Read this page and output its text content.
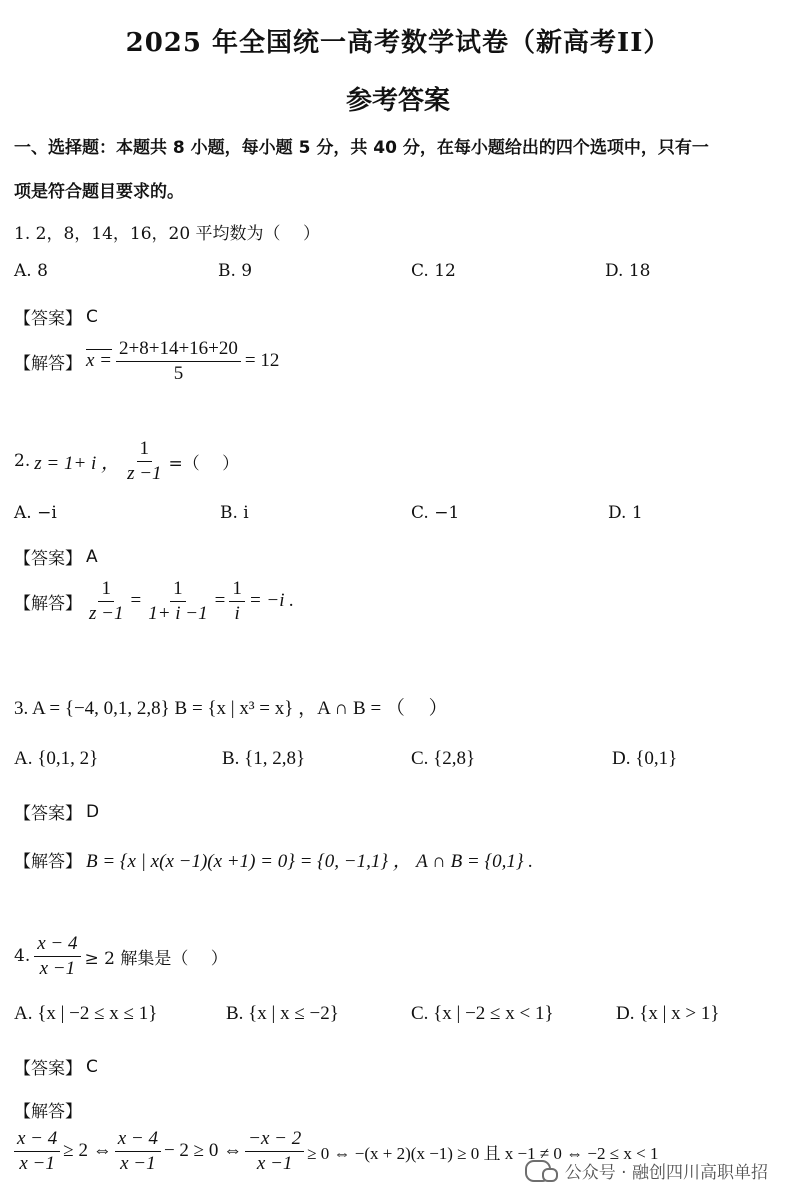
2025 年全国统一高考数学试卷（新高考II）
参考答案
一、选择题：本题共 8 小题，每小题 5 分，共 40 分，在每小题给出的四个选项中，只有一
项是符合题目要求的。
1. 2，8，14，16，20 平均数为（　 ）
A. 8	B. 9	C. 12	D. 18
【答案】 C
【解答】 $x = \frac{2+8+14+16+20}{5} = 12$
2. z = 1+ i ， $\frac{1}{z -1}$ =（　 ）
A. −i	B. i	C. −1	D. 1
【答案】 A
【解答】 $\frac{1}{z -1} = \frac{1}{1+ i -1} = \frac{1}{i} = -i$ .
3. A = {−4, 0,1, 2,8} B = {x | x³ = x} ，A ∩ B = （　 ）
A. {0,1, 2}	B. {1, 2,8}	C. {2,8}	D. {0,1}
【答案】 D
【解答】 B = {x | x(x −1)(x +1) = 0} = {0, −1,1} ， A ∩ B = {0,1} .
4. $\frac{x - 4}{x -1} \ge 2$ 解集是（　 ）
A. {x | −2 ≤ x ≤ 1}	B. {x | x ≤ −2}	C. {x | −2 ≤ x < 1}	D. {x | x > 1}
【答案】 C
【解答】
$\frac{x - 4}{x -1} \ge 2$ ⇔ $\frac{x - 4}{x -1} - 2 \ge 0$ ⇔ $\frac{-x - 2}{x -1} \ge 0$ ⇔ −(x + 2)(x −1) ≥ 0 且 x −1 ≠ 0 ⇔ −2 ≤ x < 1
公众号 · 融创四川高职单招
